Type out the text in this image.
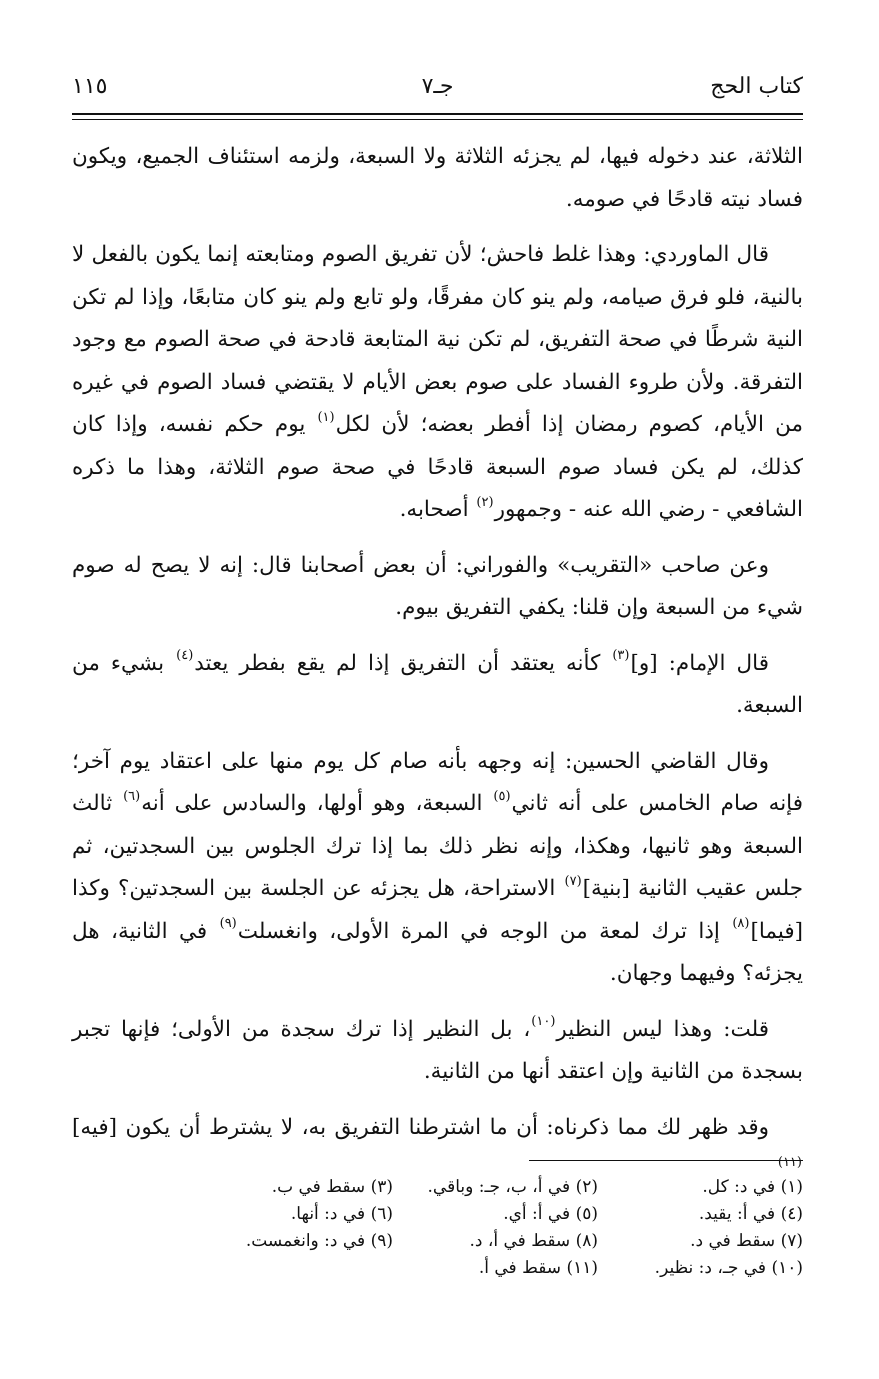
كتاب الحج
جـ٧
١١٥

الثلاثة، عند دخوله فيها، لم يجزئه الثلاثة ولا السبعة، ولزمه استئناف الجميع، ويكون فساد نيته قادحًا في صومه.

قال الماوردي: وهذا غلط فاحش؛ لأن تفريق الصوم ومتابعته إنما يكون بالفعل لا بالنية، فلو فرق صيامه، ولم ينو كان مفرقًا، ولو تابع ولم ينو كان متابعًا، وإذا لم تكن النية شرطًا في صحة التفريق، لم تكن نية المتابعة قادحة في صحة الصوم مع وجود التفرقة. ولأن طروء الفساد على صوم بعض الأيام لا يقتضي فساد الصوم في غيره من الأيام، كصوم رمضان إذا أفطر بعضه؛ لأن لكل$^{(١)}$ يوم حكم نفسه، وإذا كان كذلك، لم يكن فساد صوم السبعة قادحًا في صحة صوم الثلاثة، وهذا ما ذكره الشافعي - رضي الله عنه - وجمهور$^{(٢)}$ أصحابه.

وعن صاحب «التقريب» والفوراني: أن بعض أصحابنا قال: إنه لا يصح له صوم شيء من السبعة وإن قلنا: يكفي التفريق بيوم.

قال الإمام: [و]$^{(٣)}$ كأنه يعتقد أن التفريق إذا لم يقع بفطر يعتد$^{(٤)}$ بشيء من السبعة.

وقال القاضي الحسين: إنه وجهه بأنه صام كل يوم منها على اعتقاد يوم آخر؛ فإنه صام الخامس على أنه ثاني$^{(٥)}$ السبعة، وهو أولها، والسادس على أنه$^{(٦)}$ ثالث السبعة وهو ثانيها، وهكذا، وإنه نظر ذلك بما إذا ترك الجلوس بين السجدتين، ثم جلس عقيب الثانية [بنية]$^{(٧)}$ الاستراحة، هل يجزئه عن الجلسة بين السجدتين؟ وكذا [فيما]$^{(٨)}$ إذا ترك لمعة من الوجه في المرة الأولى، وانغسلت$^{(٩)}$ في الثانية، هل يجزئه؟ وفيهما وجهان.

قلت: وهذا ليس النظير$^{(١٠)}$، بل النظير إذا ترك سجدة من الأولى؛ فإنها تجبر بسجدة من الثانية وإن اعتقد أنها من الثانية.

وقد ظهر لك مما ذكرناه: أن ما اشترطنا التفريق به، لا يشترط أن يكون [فيه]$^{(١١)}$

(١) في د: كل.
(٢) في أ، ب، جـ: وباقي.
(٣) سقط في ب.
(٤) في أ: يقيد.
(٥) في أ: أي.
(٦) في د: أنها.
(٧) سقط في د.
(٨) سقط في أ، د.
(٩) في د: وانغمست.
(١٠) في جـ، د: نظير.
(١١) سقط في أ.
